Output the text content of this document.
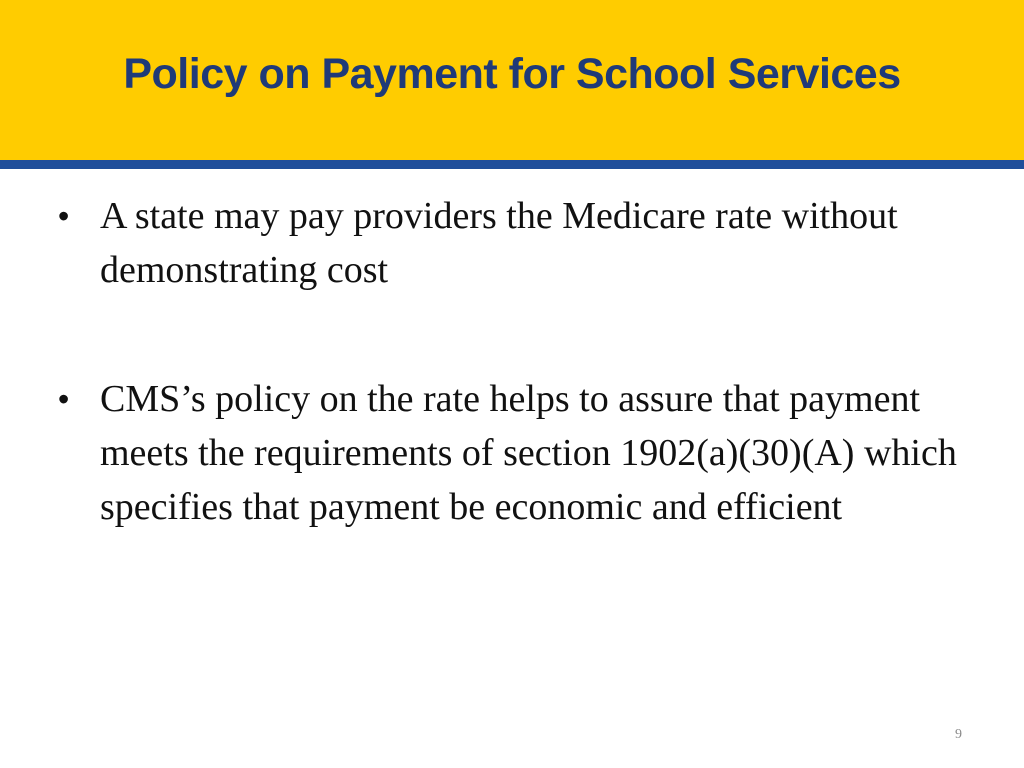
Policy on Payment for School Services
• A state may pay providers the Medicare rate without demonstrating cost
• CMS’s policy on the rate helps to assure that payment meets the requirements of section 1902(a)(30)(A) which specifies that payment be economic and efficient
9
